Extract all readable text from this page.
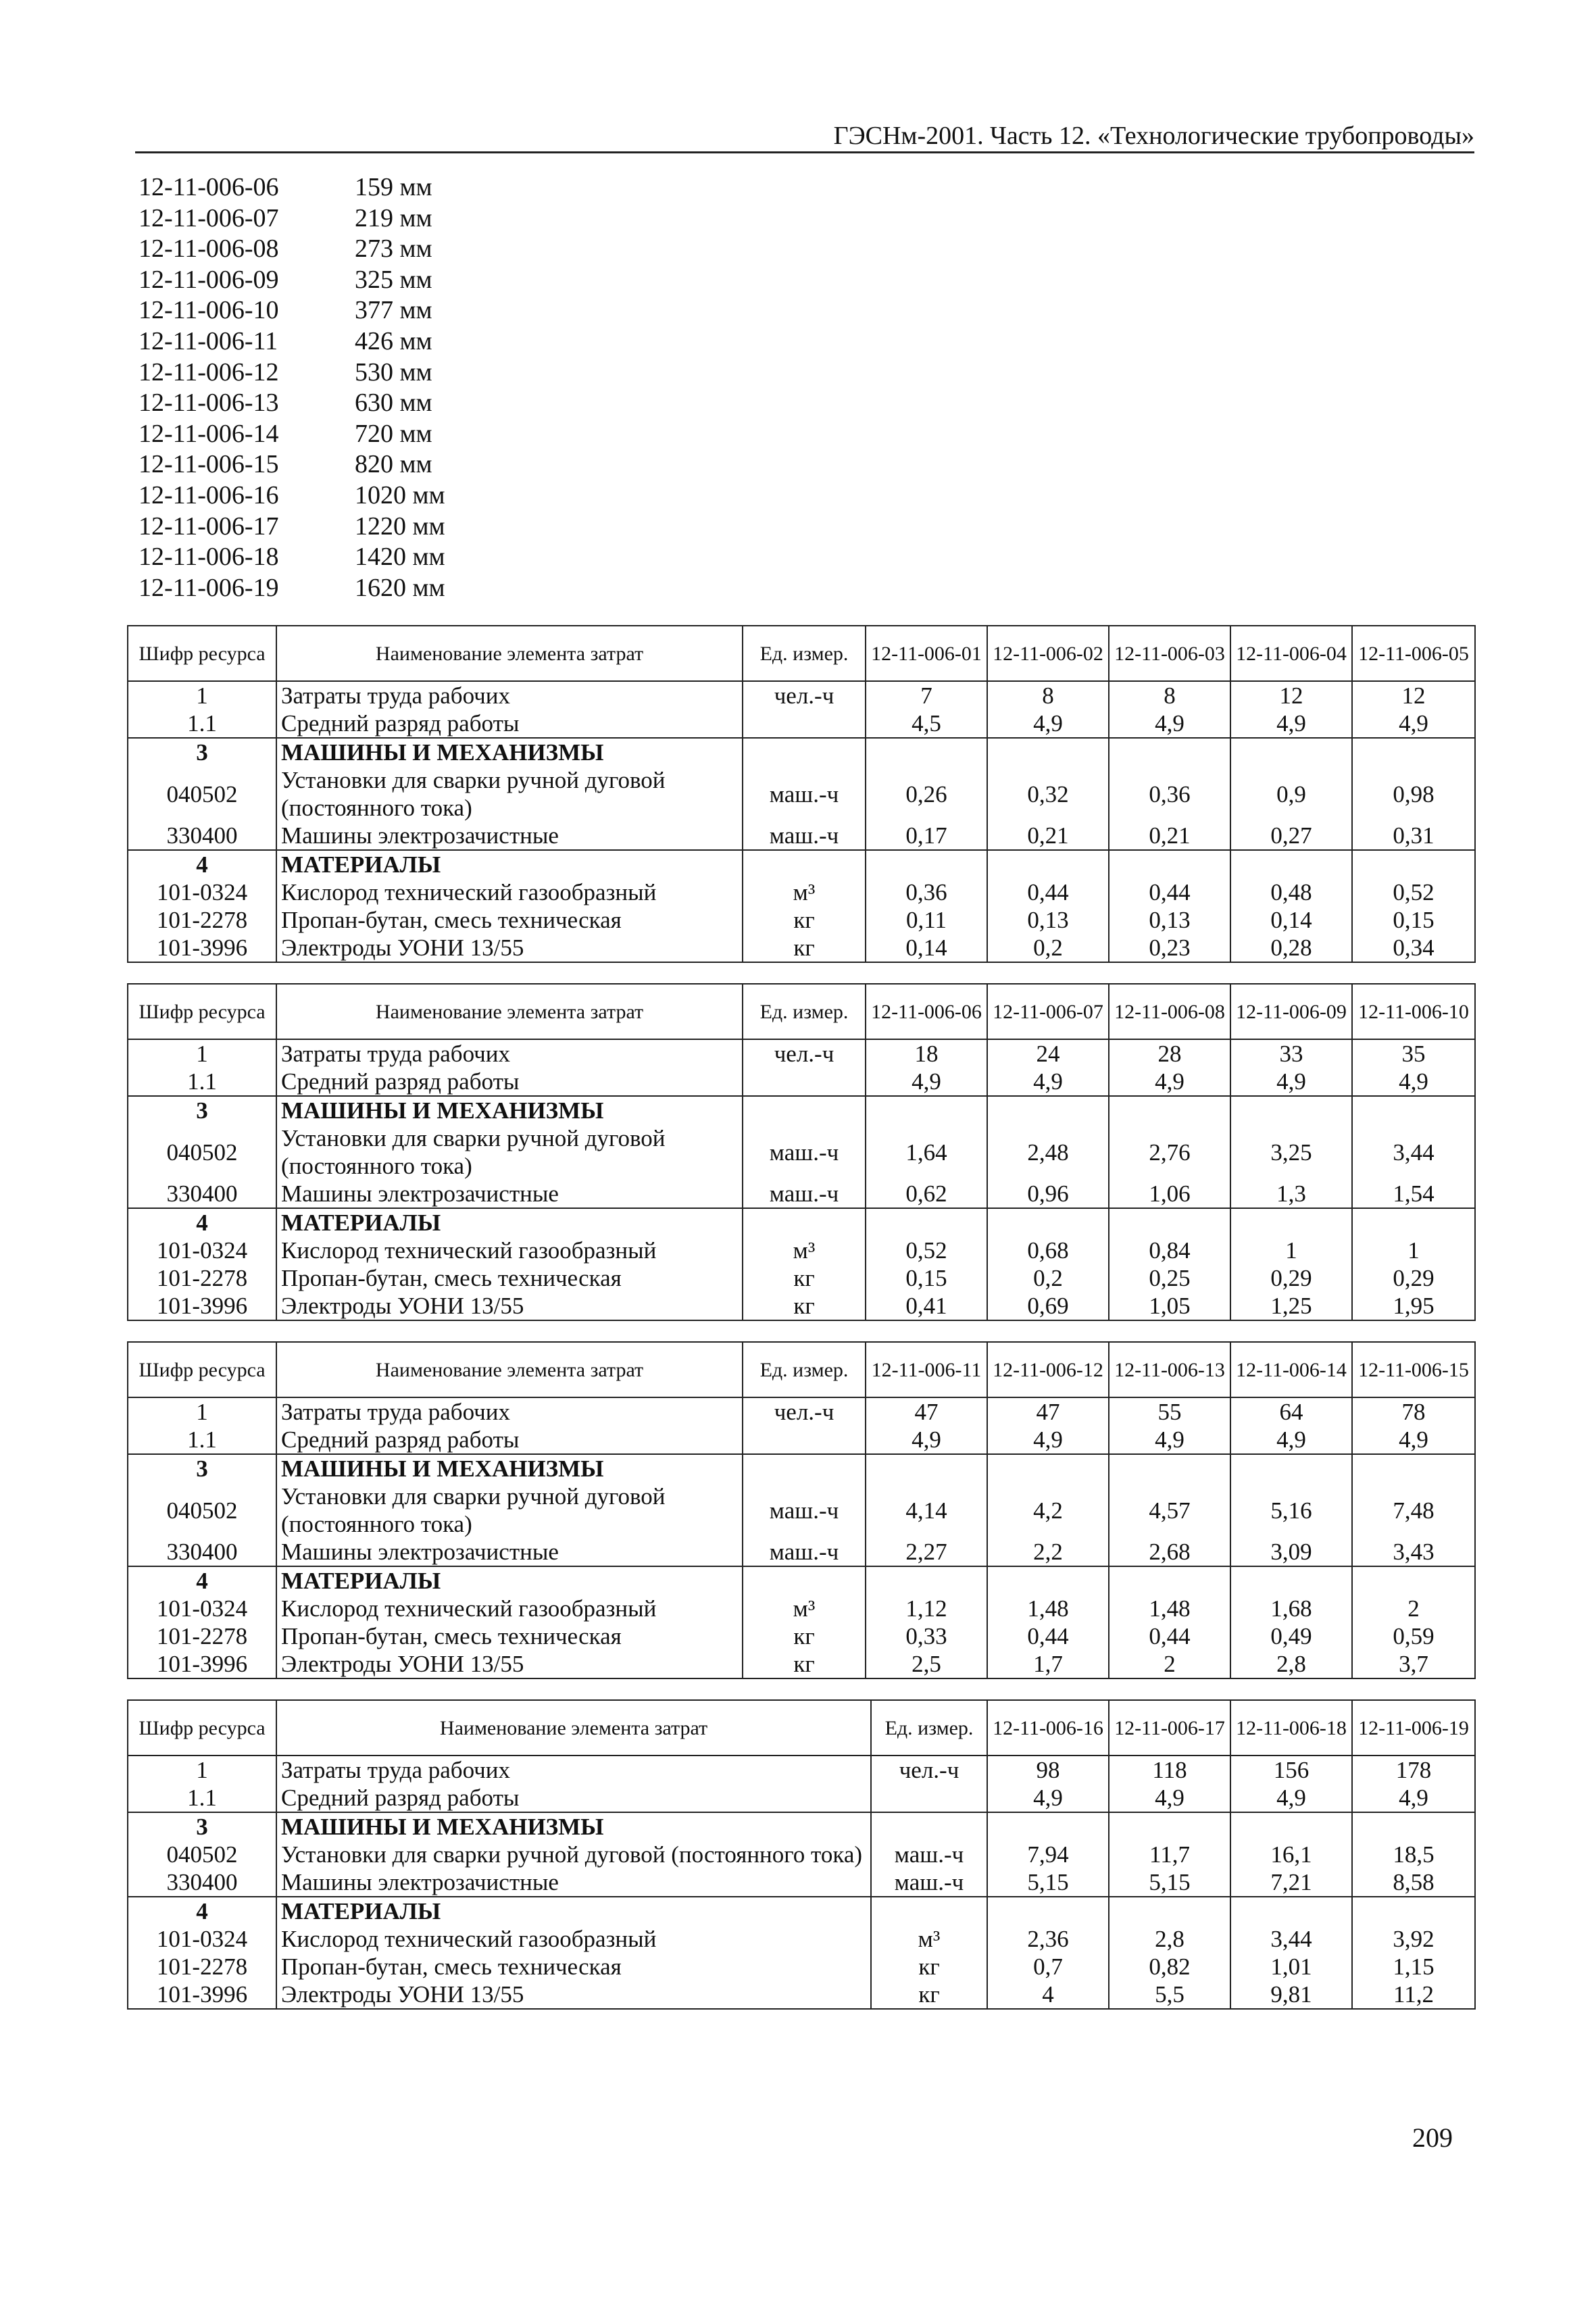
ГЭСНм-2001. Часть 12. «Технологические трубопроводы»
12-11-006-06	159 мм
12-11-006-07	219 мм
12-11-006-08	273 мм
12-11-006-09	325 мм
12-11-006-10	377 мм
12-11-006-11	426 мм
12-11-006-12	530 мм
12-11-006-13	630 мм
12-11-006-14	720 мм
12-11-006-15	820 мм
12-11-006-16	1020 мм
12-11-006-17	1220 мм
12-11-006-18	1420 мм
12-11-006-19	1620 мм
Шифр ресурса	Наименование элемента затрат	Ед. измер.	12-11-006-01	12-11-006-02	12-11-006-03	12-11-006-04	12-11-006-05
1	Затраты труда рабочих	чел.-ч	7	8	8	12	12
1.1	Средний разряд работы		4,5	4,9	4,9	4,9	4,9
3	МАШИНЫ И МЕХАНИЗМЫ						
040502	Установки для сварки ручной дуговой (постоянного тока)	маш.-ч	0,26	0,32	0,36	0,9	0,98
330400	Машины электрозачистные	маш.-ч	0,17	0,21	0,21	0,27	0,31
4	МАТЕРИАЛЫ						
101-0324	Кислород технический газообразный	м³	0,36	0,44	0,44	0,48	0,52
101-2278	Пропан-бутан, смесь техническая	кг	0,11	0,13	0,13	0,14	0,15
101-3996	Электроды УОНИ 13/55	кг	0,14	0,2	0,23	0,28	0,34
Шифр ресурса	Наименование элемента затрат	Ед. измер.	12-11-006-06	12-11-006-07	12-11-006-08	12-11-006-09	12-11-006-10
1	Затраты труда рабочих	чел.-ч	18	24	28	33	35
1.1	Средний разряд работы		4,9	4,9	4,9	4,9	4,9
3	МАШИНЫ И МЕХАНИЗМЫ						
040502	Установки для сварки ручной дуговой (постоянного тока)	маш.-ч	1,64	2,48	2,76	3,25	3,44
330400	Машины электрозачистные	маш.-ч	0,62	0,96	1,06	1,3	1,54
4	МАТЕРИАЛЫ						
101-0324	Кислород технический газообразный	м³	0,52	0,68	0,84	1	1
101-2278	Пропан-бутан, смесь техническая	кг	0,15	0,2	0,25	0,29	0,29
101-3996	Электроды УОНИ 13/55	кг	0,41	0,69	1,05	1,25	1,95
Шифр ресурса	Наименование элемента затрат	Ед. измер.	12-11-006-11	12-11-006-12	12-11-006-13	12-11-006-14	12-11-006-15
1	Затраты труда рабочих	чел.-ч	47	47	55	64	78
1.1	Средний разряд работы		4,9	4,9	4,9	4,9	4,9
3	МАШИНЫ И МЕХАНИЗМЫ						
040502	Установки для сварки ручной дуговой (постоянного тока)	маш.-ч	4,14	4,2	4,57	5,16	7,48
330400	Машины электрозачистные	маш.-ч	2,27	2,2	2,68	3,09	3,43
4	МАТЕРИАЛЫ						
101-0324	Кислород технический газообразный	м³	1,12	1,48	1,48	1,68	2
101-2278	Пропан-бутан, смесь техническая	кг	0,33	0,44	0,44	0,49	0,59
101-3996	Электроды УОНИ 13/55	кг	2,5	1,7	2	2,8	3,7
Шифр ресурса	Наименование элемента затрат	Ед. измер.	12-11-006-16	12-11-006-17	12-11-006-18	12-11-006-19
1	Затраты труда рабочих	чел.-ч	98	118	156	178
1.1	Средний разряд работы		4,9	4,9	4,9	4,9
3	МАШИНЫ И МЕХАНИЗМЫ					
040502	Установки для сварки ручной дуговой (постоянного тока)	маш.-ч	7,94	11,7	16,1	18,5
330400	Машины электрозачистные	маш.-ч	5,15	5,15	7,21	8,58
4	МАТЕРИАЛЫ					
101-0324	Кислород технический газообразный	м³	2,36	2,8	3,44	3,92
101-2278	Пропан-бутан, смесь техническая	кг	0,7	0,82	1,01	1,15
101-3996	Электроды УОНИ 13/55	кг	4	5,5	9,81	11,2
209
